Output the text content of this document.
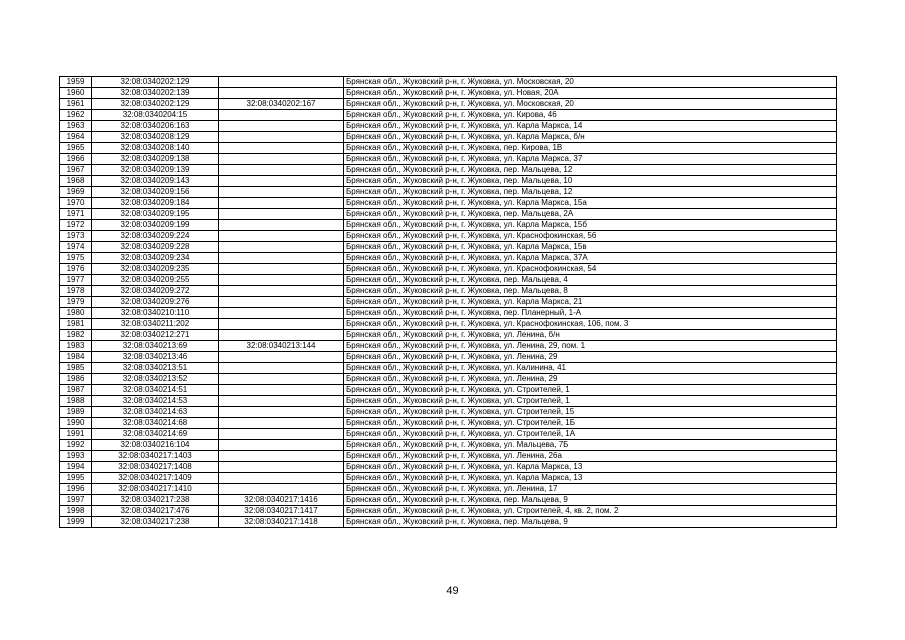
1959	32:08:0340202:129		Брянская обл., Жуковский р-н, г. Жуковка, ул. Московская, 20
1960	32:08:0340202:139		Брянская обл., Жуковский р-н, г. Жуковка, ул. Новая, 20А
1961	32:08:0340202:129	32:08:0340202:167	Брянская обл., Жуковский р-н, г. Жуковка, ул. Московская, 20
1962	32:08:0340204:15		Брянская обл., Жуковский р-н, г. Жуковка, ул. Кирова, 46
1963	32:08:0340206:163		Брянская обл., Жуковский р-н, г. Жуковка, ул. Карла Маркса, 14
1964	32:08:0340208:129		Брянская обл., Жуковский р-н, г. Жуковка, ул. Карла Маркса, б/н
1965	32:08:0340208:140		Брянская обл., Жуковский р-н, г. Жуковка, пер. Кирова, 1В
1966	32:08:0340209:138		Брянская обл., Жуковский р-н, г. Жуковка, ул. Карла Маркса, 37
1967	32:08:0340209:139		Брянская обл., Жуковский р-н, г. Жуковка, пер. Мальцева, 12
1968	32:08:0340209:143		Брянская обл., Жуковский р-н, г. Жуковка, пер. Мальцева, 10
1969	32:08:0340209:156		Брянская обл., Жуковский р-н, г. Жуковка, пер. Мальцева, 12
1970	32:08:0340209:184		Брянская обл., Жуковский р-н, г. Жуковка, ул. Карла Маркса, 15а
1971	32:08:0340209:195		Брянская обл., Жуковский р-н, г. Жуковка, пер. Мальцева, 2А
1972	32:08:0340209:199		Брянская обл., Жуковский р-н, г. Жуковка, ул. Карла Маркса, 15б
1973	32:08:0340209:224		Брянская обл., Жуковский р-н, г. Жуковка, ул. Краснофокинская, 56
1974	32:08:0340209:228		Брянская обл., Жуковский р-н, г. Жуковка, ул. Карла Маркса, 15в
1975	32:08:0340209:234		Брянская обл., Жуковский р-н, г. Жуковка, ул. Карла Маркса, 37А
1976	32:08:0340209:235		Брянская обл., Жуковский р-н, г. Жуковка, ул. Краснофокинская, 54
1977	32:08:0340209:255		Брянская обл., Жуковский р-н, г. Жуковка, пер. Мальцева, 4
1978	32:08:0340209:272		Брянская обл., Жуковский р-н, г. Жуковка, пер. Мальцева, 8
1979	32:08:0340209:276		Брянская обл., Жуковский р-н, г. Жуковка, ул. Карла Маркса, 21
1980	32:08:0340210:110		Брянская обл., Жуковский р-н, г. Жуковка, пер. Планерный, 1-А
1981	32:08:0340211:202		Брянская обл., Жуковский р-н, г. Жуковка, ул. Краснофокинская, 106, пом. 3
1982	32:08:0340212:271		Брянская обл., Жуковский р-н, г. Жуковка, ул. Ленина, б/н
1983	32:08:0340213:69	32:08:0340213:144	Брянская обл., Жуковский р-н, г. Жуковка, ул. Ленина, 29, пом. 1
1984	32:08:0340213:46		Брянская обл., Жуковский р-н, г. Жуковка, ул. Ленина, 29
1985	32:08:0340213:51		Брянская обл., Жуковский р-н, г. Жуковка, ул. Калинина, 41
1986	32:08:0340213:52		Брянская обл., Жуковский р-н, г. Жуковка, ул. Ленина, 29
1987	32:08:0340214:51		Брянская обл., Жуковский р-н, г. Жуковка, ул. Строителей, 1
1988	32:08:0340214:53		Брянская обл., Жуковский р-н, г. Жуковка, ул. Строителей, 1
1989	32:08:0340214:63		Брянская обл., Жуковский р-н, г. Жуковка, ул. Строителей, 15
1990	32:08:0340214:68		Брянская обл., Жуковский р-н, г. Жуковка, ул. Строителей, 1Б
1991	32:08:0340214:69		Брянская обл., Жуковский р-н, г. Жуковка, ул. Строителей, 1А
1992	32:08:0340216:104		Брянская обл., Жуковский р-н, г. Жуковка, ул. Мальцева, 7Б
1993	32:08:0340217:1403		Брянская обл., Жуковский р-н, г. Жуковка, ул. Ленина, 26а
1994	32:08:0340217:1408		Брянская обл., Жуковский р-н, г. Жуковка, ул. Карла Маркса, 13
1995	32:08:0340217:1409		Брянская обл., Жуковский р-н, г. Жуковка, ул. Карла Маркса, 13
1996	32:08:0340217:1410		Брянская обл., Жуковский р-н, г. Жуковка, ул. Ленина, 17
1997	32:08:0340217:238	32:08:0340217:1416	Брянская обл., Жуковский р-н, г. Жуковка, пер. Мальцева, 9
1998	32:08:0340217:476	32:08:0340217:1417	Брянская обл., Жуковский р-н, г. Жуковка, ул. Строителей, 4, кв. 2, пом. 2
1999	32:08:0340217:238	32:08:0340217:1418	Брянская обл., Жуковский р-н, г. Жуковка, пер. Мальцева, 9
49
